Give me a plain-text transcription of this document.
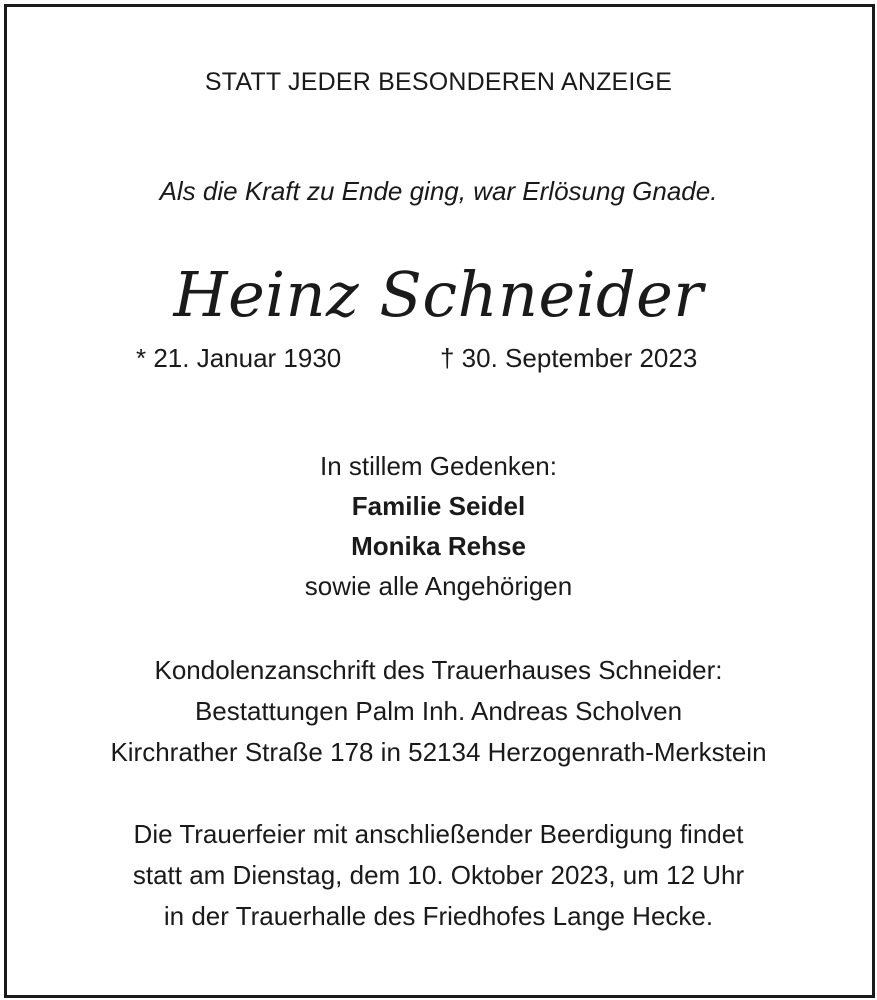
STATT JEDER BESONDEREN ANZEIGE
Als die Kraft zu Ende ging, war Erlösung Gnade.
Heinz Schneider
* 21. Januar 1930	† 30. September 2023
In stillem Gedenken:
Familie Seidel
Monika Rehse
sowie alle Angehörigen
Kondolenzanschrift des Trauerhauses Schneider:
Bestattungen Palm Inh. Andreas Scholven
Kirchrather Straße 178 in 52134 Herzogenrath-Merkstein
Die Trauerfeier mit anschließender Beerdigung findet
statt am Dienstag, dem 10. Oktober 2023, um 12 Uhr
in der Trauerhalle des Friedhofes Lange Hecke.
